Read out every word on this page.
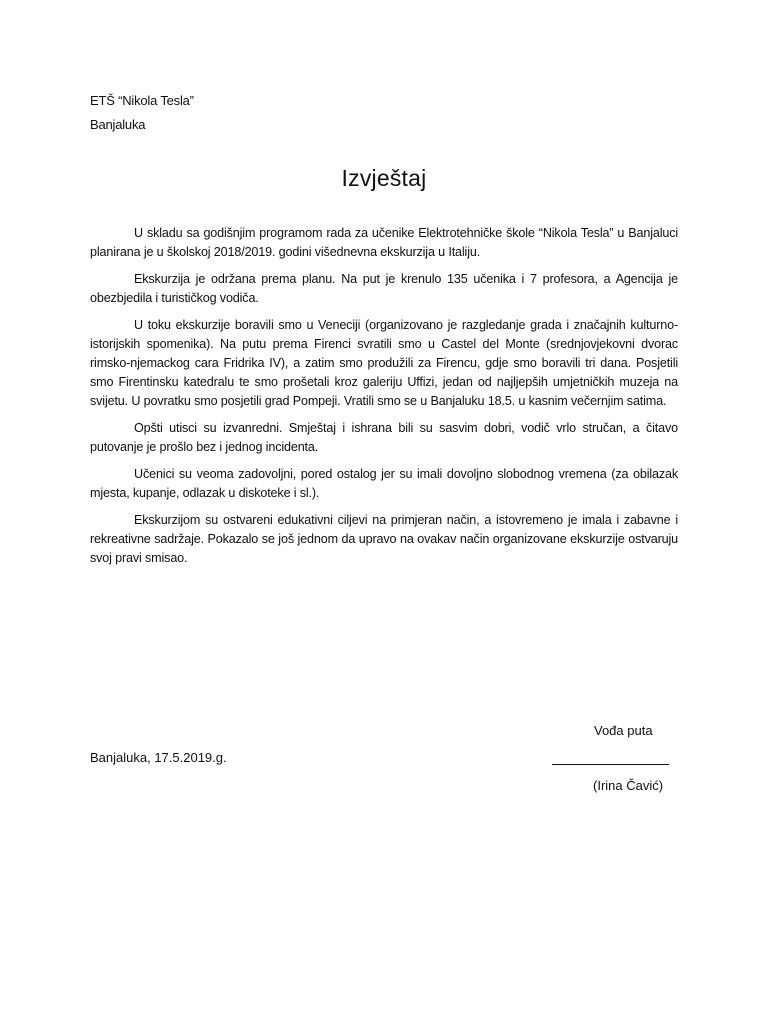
ETŠ “Nikola Tesla”
Banjaluka
Izvještaj

U skladu sa godišnjim programom rada za učenike Elektrotehničke škole “Nikola Tesla” u Banjaluci planirana je u školskoj 2018/2019. godini višednevna ekskurzija u Italiju.

Ekskurzija je održana prema planu. Na put je krenulo 135 učenika i 7 profesora, a Agencija je obezbjedila i turističkog vodiča.

U toku ekskurzije boravili smo u Veneciji (organizovano je razgledanje grada i značajnih kulturno-istorijskih spomenika). Na putu prema Firenci svratili smo u Castel del Monte (srednjovjekovni dvorac rimsko-njemackog cara Fridrika IV), a zatim smo produžili za Firencu, gdje smo boravili tri dana. Posjetili smo Firentinsku katedralu te smo prošetali kroz galeriju Uffizi, jedan od najljepših umjetničkih muzeja na svijetu. U povratku smo posjetili grad Pompeji. Vratili smo se u Banjaluku 18.5. u kasnim večernjim satima.

Opšti utisci su izvanredni. Smještaj i ishrana bili su sasvim dobri, vodič vrlo stručan, a čitavo putovanje je prošlo bez i jednog incidenta.

Učenici su veoma zadovoljni, pored ostalog jer su imali dovoljno slobodnog vremena (za obilazak mjesta, kupanje, odlazak u diskoteke i sl.).

Ekskurzijom su ostvareni edukativni ciljevi na primjeran način, a istovremeno je imala i zabavne i rekreativne sadržaje. Pokazalo se još jednom da upravo na ovakav način organizovane ekskurzije ostvaruju svoj pravi smisao.

Vođa puta
Banjaluka, 17.5.2019.g.
(Irina Čavić)
